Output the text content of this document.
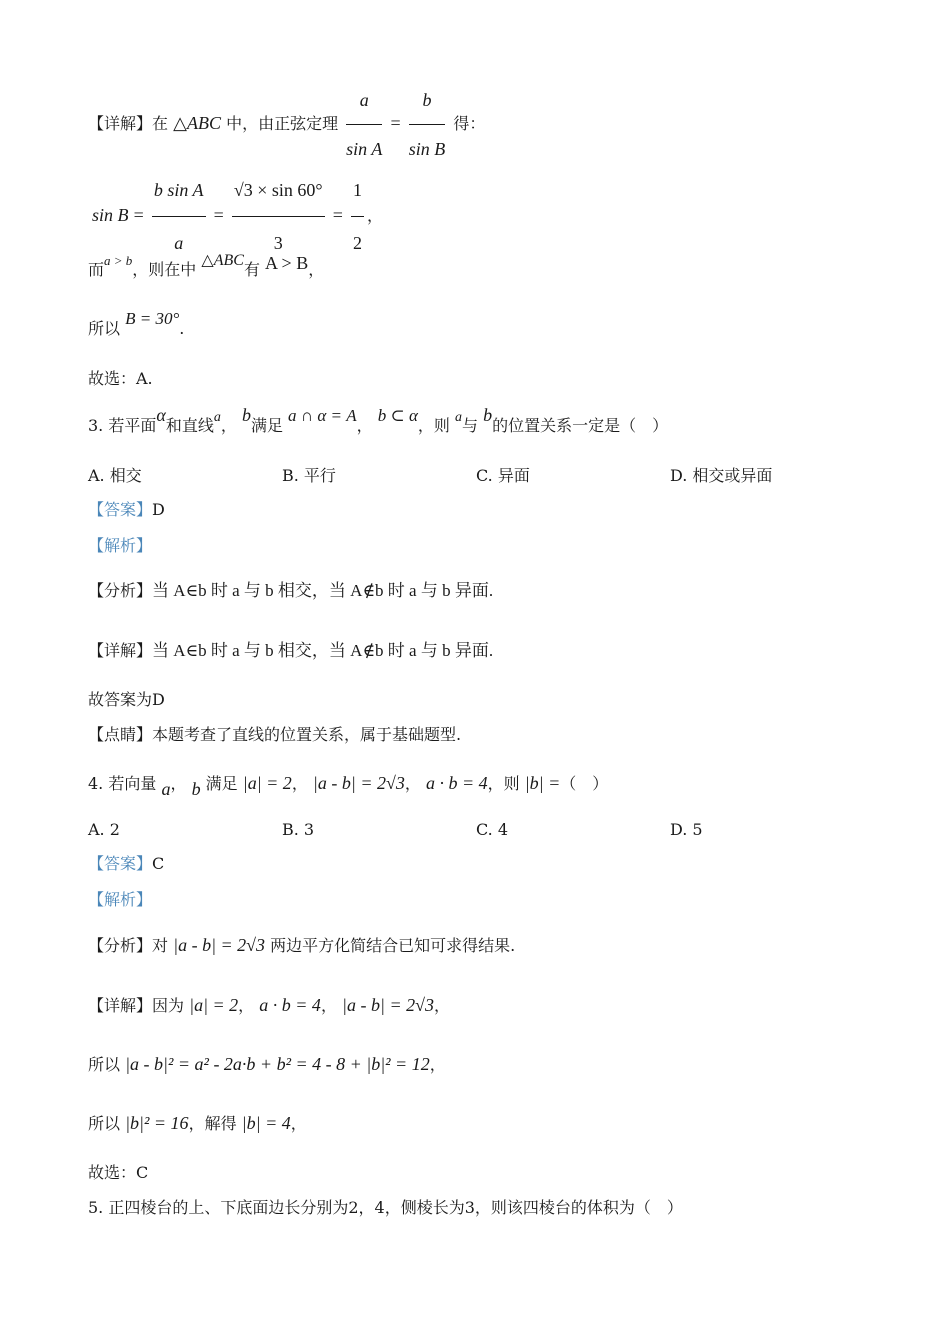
【详解】在 △ABC 中，由正弦定理 $\frac{a}{\text{sin A}} = \frac{b}{\text{sin B}}$ 得：
$\sin B = \frac{\text{b sin A}}{a} = \frac{√3 \times \sin 60^\circ}{3} = \frac{1}{2}$ ，
而$^{a > b}$，则在中 △ABC有 A > B，
所以 B = 30°.
故选：A.
3. 若平面α和直线a， b满足 a ∩ α = A， b ⊂ α，则 a与 b的位置关系一定是（　）
A. 相交	B. 平行	C. 异面	D. 相交或异面
【答案】D
【解析】
【分析】当 A∈b 时 a 与 b 相交，当 A∉b 时 a 与 b 异面.
【详解】当 A∈b 时 a 与 b 相交，当 A∉b 时 a 与 b 异面.
故答案为D
【点睛】本题考查了直线的位置关系，属于基础题型.
4. 若向量 a， b 满足 |a| = 2， |a - b| = 2√3， a · b = 4，则 |b| =（　）
A. 2	B. 3	C. 4	D. 5
【答案】C
【解析】
【分析】对 |a - b| = 2√3 两边平方化简结合已知可求得结果.
【详解】因为 |a| = 2， a · b = 4， |a - b| = 2√3，
所以 |a - b|² = a² - 2a·b + b² = 4 - 8 + |b|² = 12，
所以 |b|² = 16，解得 |b| = 4，
故选：C
5. 正四棱台的上、下底面边长分别为2，4，侧棱长为3，则该四棱台的体积为（　）
